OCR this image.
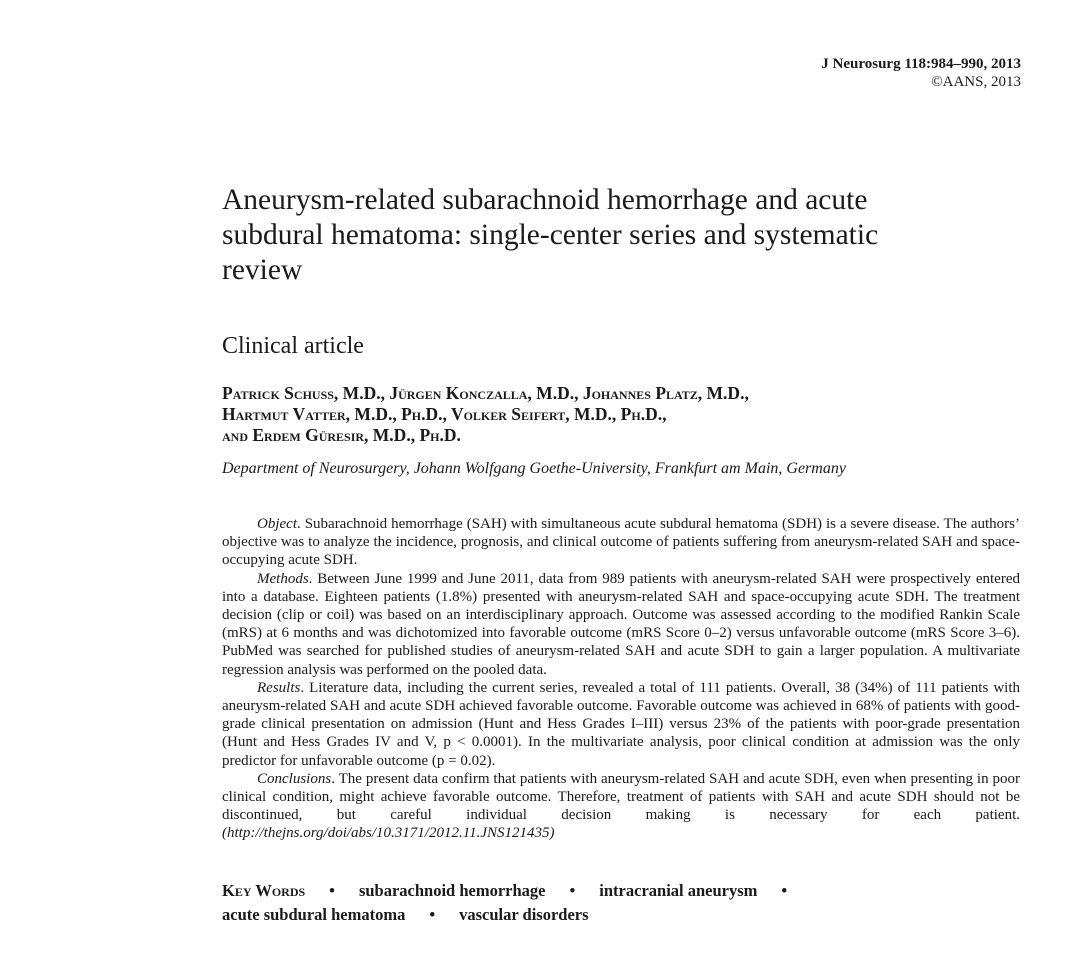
J Neurosurg 118:984–990, 2013
©AANS, 2013
Aneurysm-related subarachnoid hemorrhage and acute subdural hematoma: single-center series and systematic review
Clinical article
Patrick Schuss, M.D., Jürgen Konczalla, M.D., Johannes Platz, M.D.,
Hartmut Vatter, M.D., Ph.D., Volker Seifert, M.D., Ph.D.,
and Erdem Güresir, M.D., Ph.D.
Department of Neurosurgery, Johann Wolfgang Goethe-University, Frankfurt am Main, Germany

Object. Subarachnoid hemorrhage (SAH) with simultaneous acute subdural hematoma (SDH) is a severe disease. The authors’ objective was to analyze the incidence, prognosis, and clinical outcome of patients suffering from aneurysm-related SAH and space-occupying acute SDH.

Methods. Between June 1999 and June 2011, data from 989 patients with aneurysm-related SAH were prospectively entered into a database. Eighteen patients (1.8%) presented with aneurysm-related SAH and space-occupying acute SDH. The treatment decision (clip or coil) was based on an interdisciplinary approach. Outcome was assessed according to the modified Rankin Scale (mRS) at 6 months and was dichotomized into favorable outcome (mRS Score 0–2) versus unfavorable outcome (mRS Score 3–6). PubMed was searched for published studies of aneurysm-related SAH and acute SDH to gain a larger population. A multivariate regression analysis was performed on the pooled data.

Results. Literature data, including the current series, revealed a total of 111 patients. Overall, 38 (34%) of 111 patients with aneurysm-related SAH and acute SDH achieved favorable outcome. Favorable outcome was achieved in 68% of patients with good-grade clinical presentation on admission (Hunt and Hess Grades I–III) versus 23% of the patients with poor-grade presentation (Hunt and Hess Grades IV and V, p < 0.0001). In the multivariate analysis, poor clinical condition at admission was the only predictor for unfavorable outcome (p = 0.02).

Conclusions. The present data confirm that patients with aneurysm-related SAH and acute SDH, even when presenting in poor clinical condition, might achieve favorable outcome. Therefore, treatment of patients with SAH and acute SDH should not be discontinued, but careful individual decision making is necessary for each patient. (http://thejns.org/doi/abs/10.3171/2012.11.JNS121435)

Key Words • subarachnoid hemorrhage • intracranial aneurysm •
acute subdural hematoma • vascular disorders
